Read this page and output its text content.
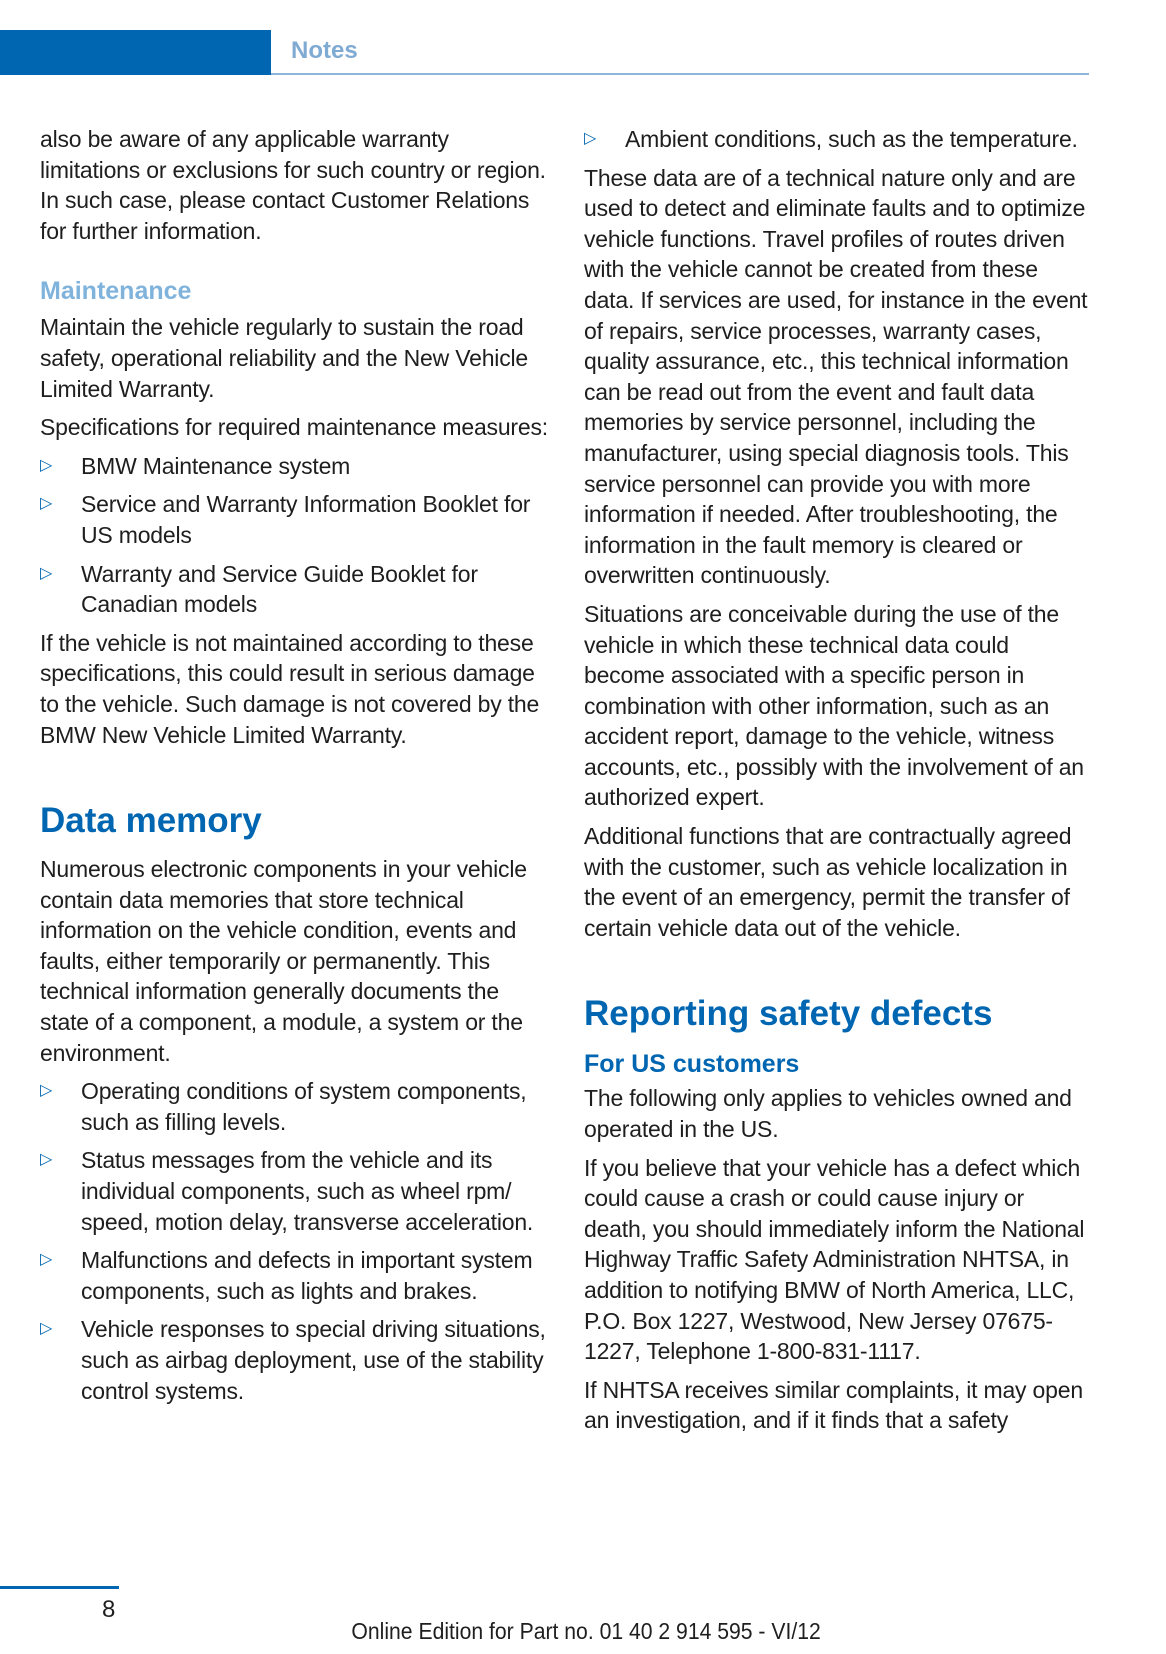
Notes

also be aware of any applicable warranty limitations or exclusions for such country or region. In such case, please contact Customer Relations for further information.

Maintenance

Maintain the vehicle regularly to sustain the road safety, operational reliability and the New Vehicle Limited Warranty.

Specifications for required maintenance measures:

▷ BMW Maintenance system
▷ Service and Warranty Information Booklet for US models
▷ Warranty and Service Guide Booklet for Canadian models

If the vehicle is not maintained according to these specifications, this could result in serious damage to the vehicle. Such damage is not covered by the BMW New Vehicle Limited Warranty.

Data memory

Numerous electronic components in your vehicle contain data memories that store technical information on the vehicle condition, events and faults, either temporarily or permanently. This technical information generally documents the state of a component, a module, a system or the environment.

▷ Operating conditions of system components, such as filling levels.
▷ Status messages from the vehicle and its individual components, such as wheel rpm/ speed, motion delay, transverse acceleration.
▷ Malfunctions and defects in important system components, such as lights and brakes.
▷ Vehicle responses to special driving situations, such as airbag deployment, use of the stability control systems.
▷ Ambient conditions, such as the temperature.

These data are of a technical nature only and are used to detect and eliminate faults and to optimize vehicle functions. Travel profiles of routes driven with the vehicle cannot be created from these data. If services are used, for instance in the event of repairs, service processes, warranty cases, quality assurance, etc., this technical information can be read out from the event and fault data memories by service personnel, including the manufacturer, using special diagnosis tools. This service personnel can provide you with more information if needed. After troubleshooting, the information in the fault memory is cleared or overwritten continuously.

Situations are conceivable during the use of the vehicle in which these technical data could become associated with a specific person in combination with other information, such as an accident report, damage to the vehicle, witness accounts, etc., possibly with the involvement of an authorized expert.

Additional functions that are contractually agreed with the customer, such as vehicle localization in the event of an emergency, permit the transfer of certain vehicle data out of the vehicle.

Reporting safety defects
For US customers

The following only applies to vehicles owned and operated in the US.

If you believe that your vehicle has a defect which could cause a crash or could cause injury or death, you should immediately inform the National Highway Traffic Safety Administration NHTSA, in addition to notifying BMW of North America, LLC, P.O. Box 1227, Westwood, New Jersey 07675-1227, Telephone 1-800-831-1117.

If NHTSA receives similar complaints, it may open an investigation, and if it finds that a safety

8
Online Edition for Part no. 01 40 2 914 595 - VI/12
